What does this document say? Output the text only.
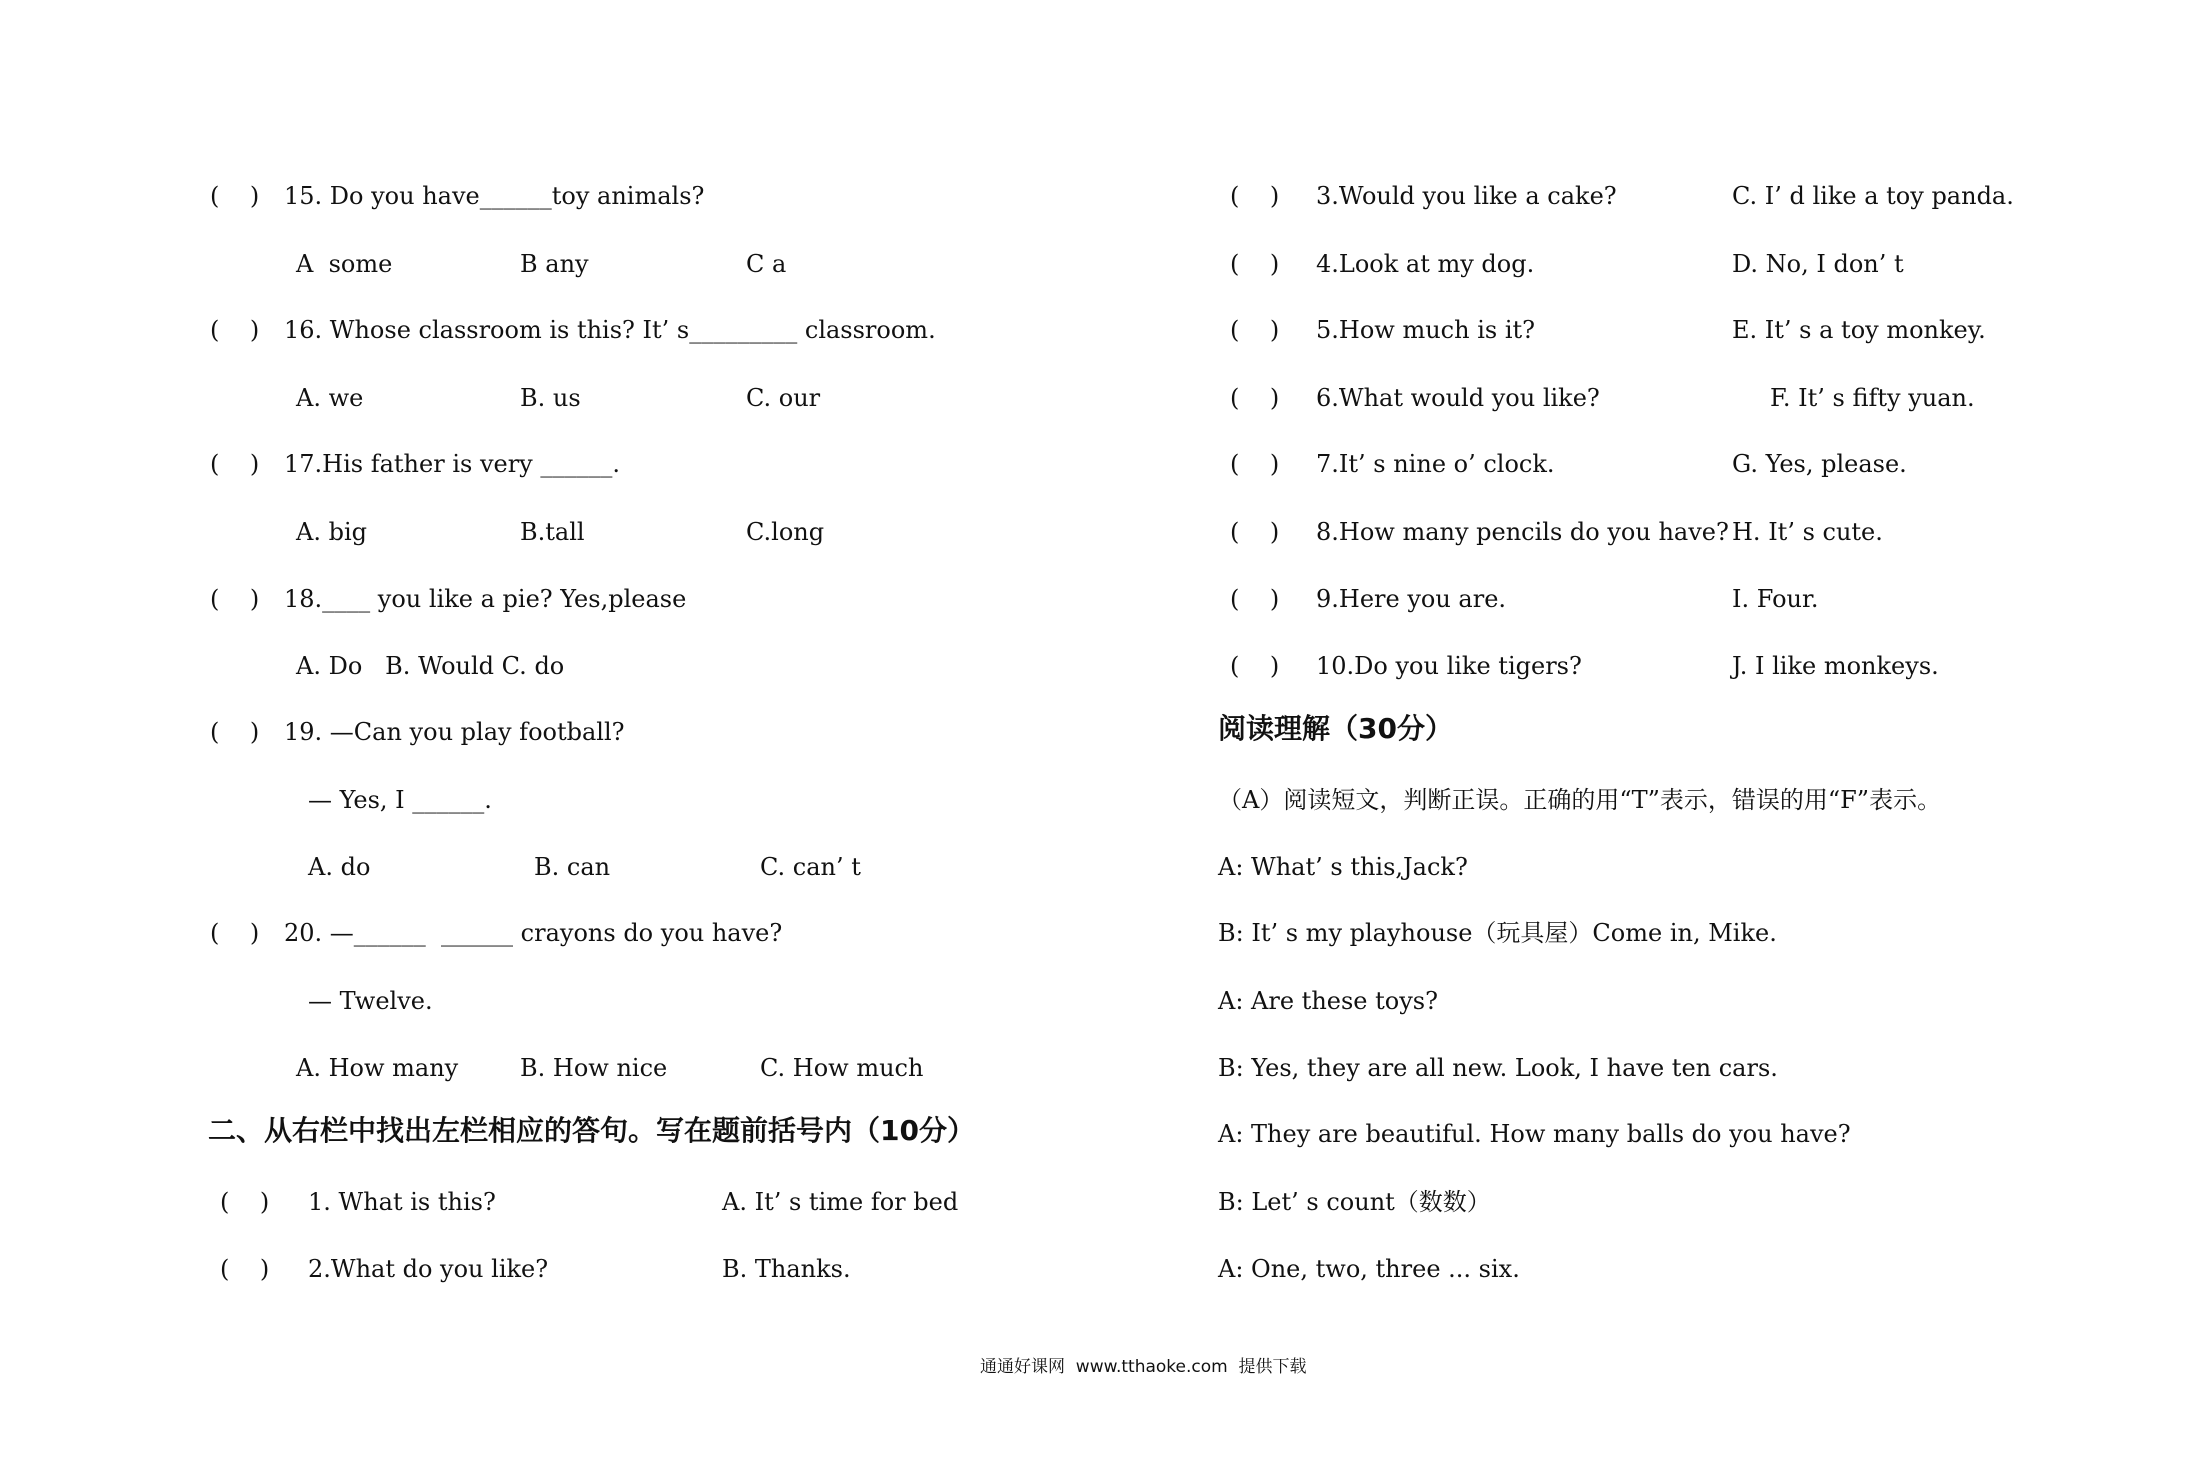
(    ) 15. Do you have______toy animals?
A  some	B any	C a
(    ) 16. Whose classroom is this? It’ s_________ classroom.
A. we	B. us	C. our
(    ) 17.His father is very ______.
A. big	B.tall	C.long
(    ) 18.____ you like a pie? Yes,please
A. Do   B. Would C. do
(    ) 19. —Can you play football?
— Yes, I ______.
A. do	B. can	C. can’ t
(    ) 20. —______  ______ crayons do you have?
— Twelve.
A. How many	B. How nice	C. How much
二、从右栏中找出左栏相应的答句。写在题前括号内（10分）
(    ) 1. What is this?	A. It’ s time for bed
(    ) 2.What do you like?	B. Thanks.
(    ) 3.Would you like a cake?	C. I’ d like a toy panda.
(    ) 4.Look at my dog.	D. No, I don’ t
(    ) 5.How much is it?	E. It’ s a toy monkey.
(    ) 6.What would you like?	F. It’ s fifty yuan.
(    ) 7.It’ s nine o’ clock.	G. Yes, please.
(    ) 8.How many pencils do you have? H. It’ s cute.
(    ) 9.Here you are.	I. Four.
(    ) 10.Do you like tigers?	J. I like monkeys.
阅读理解（30分）
（A）阅读短文，判断正误。正确的用“T”表示，错误的用“F”表示。
A: What’ s this,Jack?
B: It’ s my playhouse（玩具屋）Come in, Mike.
A: Are these toys?
B: Yes, they are all new. Look, I have ten cars.
A: They are beautiful. How many balls do you have?
B: Let’ s count（数数）
A: One, two, three ... six.
通通好课网  www.tthaoke.com  提供下载
